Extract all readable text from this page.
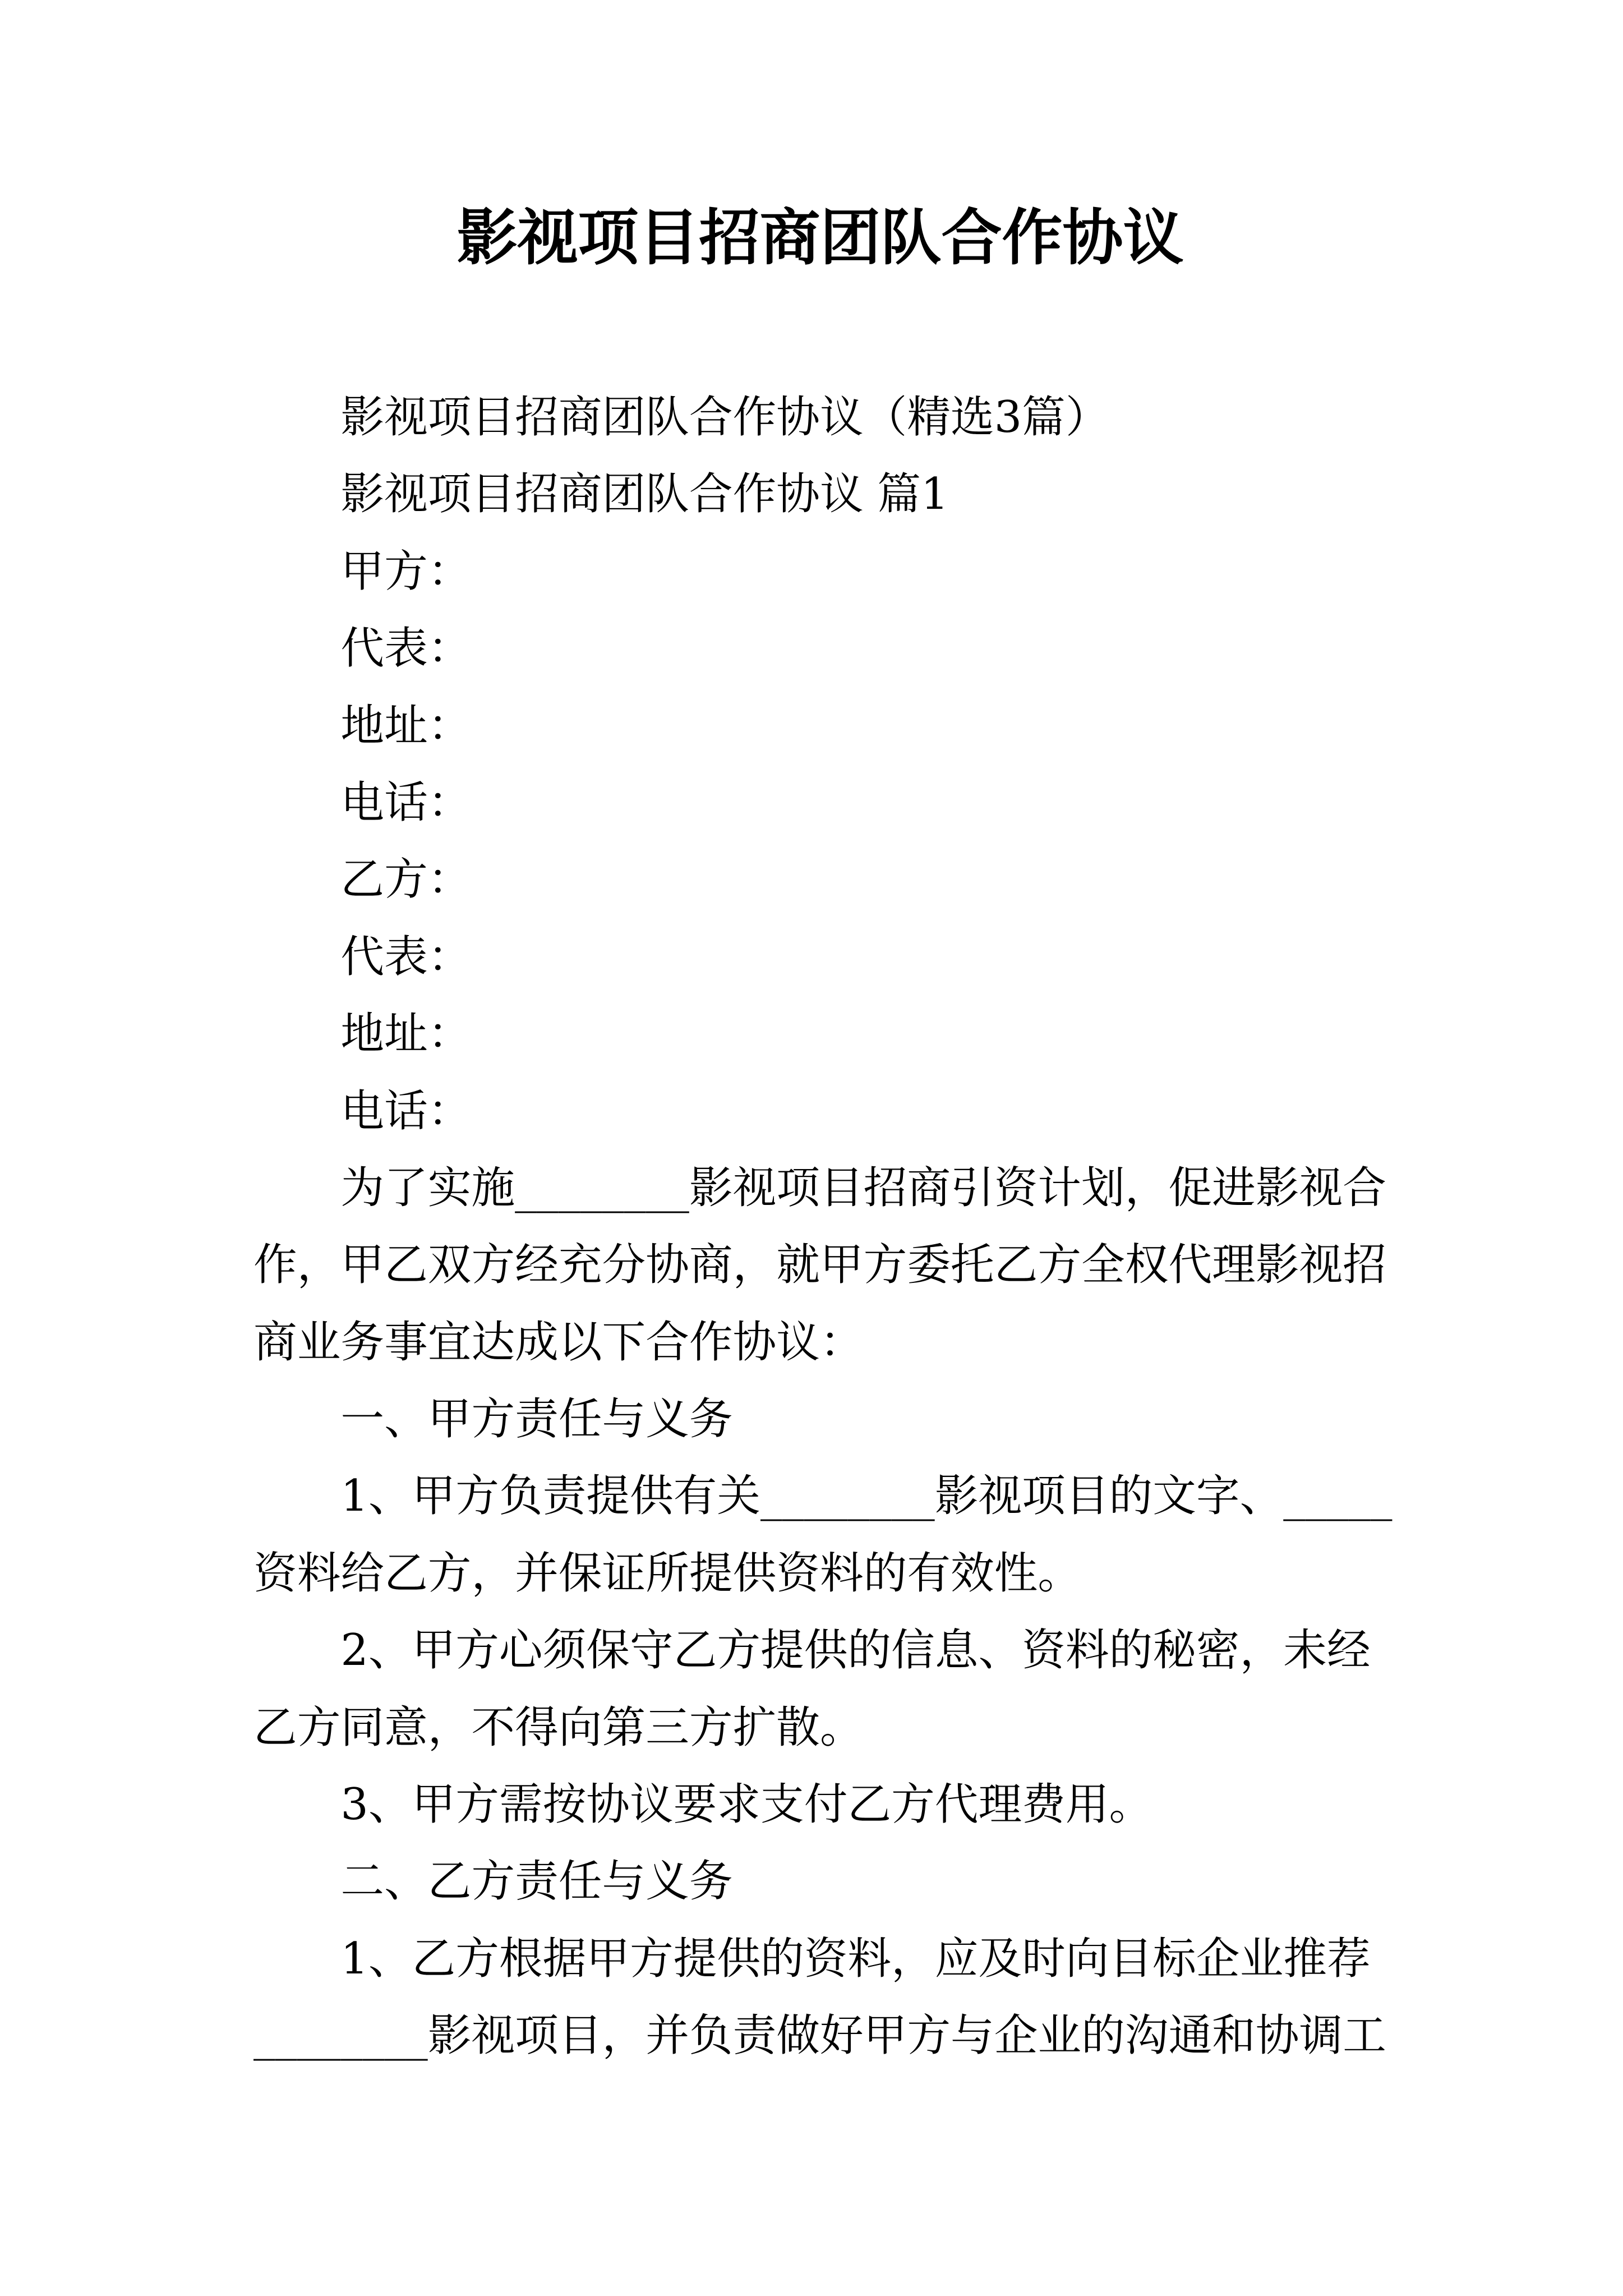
影视项目招商团队合作协议
影视项目招商团队合作协议（精选3篇）
影视项目招商团队合作协议 篇1
甲方：
代表：
地址：
电话：
乙方：
代表：
地址：
电话：
为了实施________影视项目招商引资计划，促进影视合
作，甲乙双方经充分协商，就甲方委托乙方全权代理影视招
商业务事宜达成以下合作协议：
一、甲方责任与义务
1、甲方负责提供有关________影视项目的文字、_____
资料给乙方，并保证所提供资料的有效性。
2、甲方心须保守乙方提供的信息、资料的秘密，未经
乙方同意，不得向第三方扩散。
3、甲方需按协议要求支付乙方代理费用。
二、乙方责任与义务
1、乙方根据甲方提供的资料，应及时向目标企业推荐
________影视项目，并负责做好甲方与企业的沟通和协调工
